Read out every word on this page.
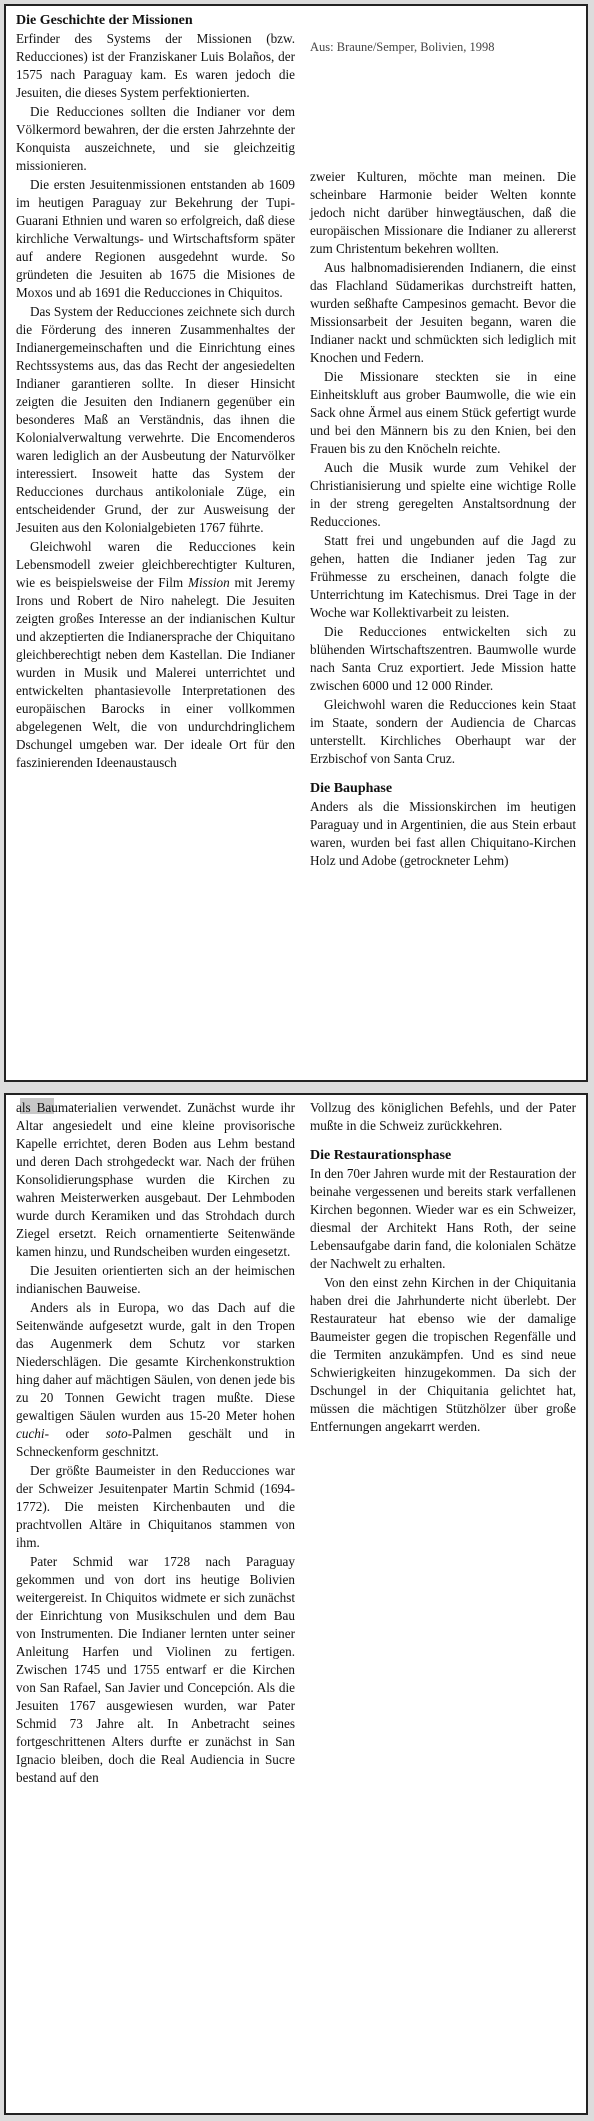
Die Geschichte der Missionen

Erfinder des Systems der Missionen (bzw. Reducciones) ist der Franziskaner Luis Bolaños, der 1575 nach Paraguay kam. Es waren jedoch die Jesuiten, die dieses System perfektionierten.

Die Reducciones sollten die Indianer vor dem Völkermord bewahren, der die ersten Jahrzehnte der Konquista auszeichnete, und sie gleichzeitig missionieren.

Die ersten Jesuitenmissionen entstanden ab 1609 im heutigen Paraguay zur Bekehrung der Tupi-Guarani Ethnien und waren so erfolgreich, daß diese kirchliche Verwaltungs- und Wirtschaftsform später auf andere Regionen ausgedehnt wurde. So gründeten die Jesuiten ab 1675 die Misiones de Moxos und ab 1691 die Reducciones in Chiquitos.

Das System der Reducciones zeichnete sich durch die Förderung des inneren Zusammenhaltes der Indianergemeinschaften und die Einrichtung eines Rechtssystems aus, das das Recht der angesiedelten Indianer garantieren sollte. In dieser Hinsicht zeigten die Jesuiten den Indianern gegenüber ein besonderes Maß an Verständnis, das ihnen die Kolonialverwaltung verwehrte. Die Encomenderos waren lediglich an der Ausbeutung der Naturvölker interessiert. Insoweit hatte das System der Reducciones durchaus antikoloniale Züge, ein entscheidender Grund, der zur Ausweisung der Jesuiten aus den Kolonialgebieten 1767 führte.

Gleichwohl waren die Reducciones kein Lebensmodell zweier gleichberechtigter Kulturen, wie es beispielsweise der Film Mission mit Jeremy Irons und Robert de Niro nahelegt. Die Jesuiten zeigten großes Interesse an der indianischen Kultur und akzeptierten die Indianersprache der Chiquitano gleichberechtigt neben dem Kastellan. Die Indianer wurden in Musik und Malerei unterrichtet und entwickelten phantasievolle Interpretationen des europäischen Barocks in einer vollkommen abgelegenen Welt, die von undurchdringlichem Dschungel umgeben war. Der ideale Ort für den faszinierenden Ideenaustausch

Aus: Braune/Semper, Bolivien, 1998

zweier Kulturen, möchte man meinen. Die scheinbare Harmonie beider Welten konnte jedoch nicht darüber hinwegtäuschen, daß die europäischen Missionare die Indianer zu allererst zum Christentum bekehren wollten.

Aus halbnomadisierenden Indianern, die einst das Flachland Südamerikas durchstreift hatten, wurden seßhafte Campesinos gemacht. Bevor die Missionsarbeit der Jesuiten begann, waren die Indianer nackt und schmückten sich lediglich mit Knochen und Federn.

Die Missionare steckten sie in eine Einheitskluft aus grober Baumwolle, die wie ein Sack ohne Ärmel aus einem Stück gefertigt wurde und bei den Männern bis zu den Knien, bei den Frauen bis zu den Knöcheln reichte.

Auch die Musik wurde zum Vehikel der Christianisierung und spielte eine wichtige Rolle in der streng geregelten Anstaltsordnung der Reducciones.

Statt frei und ungebunden auf die Jagd zu gehen, hatten die Indianer jeden Tag zur Frühmesse zu erscheinen, danach folgte die Unterrichtung im Katechismus. Drei Tage in der Woche war Kollektivarbeit zu leisten.

Die Reducciones entwickelten sich zu blühenden Wirtschaftszentren. Baumwolle wurde nach Santa Cruz exportiert. Jede Mission hatte zwischen 6000 und 12 000 Rinder.

Gleichwohl waren die Reducciones kein Staat im Staate, sondern der Audiencia de Charcas unterstellt. Kirchliches Oberhaupt war der Erzbischof von Santa Cruz.

Die Bauphase

Anders als die Missionskirchen im heutigen Paraguay und in Argentinien, die aus Stein erbaut waren, wurden bei fast allen Chiquitano-Kirchen Holz und Adobe (getrockneter Lehm)

als Baumaterialien verwendet. Zunächst wurde ihr Altar angesiedelt und eine kleine provisorische Kapelle errichtet, deren Boden aus Lehm bestand und deren Dach strohgedeckt war. Nach der frühen Konsolidierungsphase wurden die Kirchen zu wahren Meisterwerken ausgebaut. Der Lehmboden wurde durch Keramiken und das Strohdach durch Ziegel ersetzt. Reich ornamentierte Seitenwände kamen hinzu, und Rundscheiben wurden eingesetzt.

Die Jesuiten orientierten sich an der heimischen indianischen Bauweise.

Anders als in Europa, wo das Dach auf die Seitenwände aufgesetzt wurde, galt in den Tropen das Augenmerk dem Schutz vor starken Niederschlägen. Die gesamte Kirchenkonstruktion hing daher auf mächtigen Säulen, von denen jede bis zu 20 Tonnen Gewicht tragen mußte. Diese gewaltigen Säulen wurden aus 15-20 Meter hohen cuchi- oder soto-Palmen geschält und in Schneckenform geschnitzt.

Der größte Baumeister in den Reducciones war der Schweizer Jesuitenpater Martin Schmid (1694-1772). Die meisten Kirchenbauten und die prachtvollen Altäre in Chiquitanos stammen von ihm.

Pater Schmid war 1728 nach Paraguay gekommen und von dort ins heutige Bolivien weitergereist. In Chiquitos widmete er sich zunächst der Einrichtung von Musikschulen und dem Bau von Instrumenten. Die Indianer lernten unter seiner Anleitung Harfen und Violinen zu fertigen. Zwischen 1745 und 1755 entwarf er die Kirchen von San Rafael, San Javier und Concepción. Als die Jesuiten 1767 ausgewiesen wurden, war Pater Schmid 73 Jahre alt. In Anbetracht seines fortgeschrittenen Alters durfte er zunächst in San Ignacio bleiben, doch die Real Audiencia in Sucre bestand auf den

Vollzug des königlichen Befehls, und der Pater mußte in die Schweiz zurückkehren.

Die Restaurationsphase

In den 70er Jahren wurde mit der Restauration der beinahe vergessenen und bereits stark verfallenen Kirchen begonnen. Wieder war es ein Schweizer, diesmal der Architekt Hans Roth, der seine Lebensaufgabe darin fand, die kolonialen Schätze der Nachwelt zu erhalten.

Von den einst zehn Kirchen in der Chiquitania haben drei die Jahrhunderte nicht überlebt. Der Restaurateur hat ebenso wie der damalige Baumeister gegen die tropischen Regenfälle und die Termiten anzukämpfen. Und es sind neue Schwierigkeiten hinzugekommen. Da sich der Dschungel in der Chiquitania gelichtet hat, müssen die mächtigen Stützhölzer über große Entfernungen angekarrt werden.
